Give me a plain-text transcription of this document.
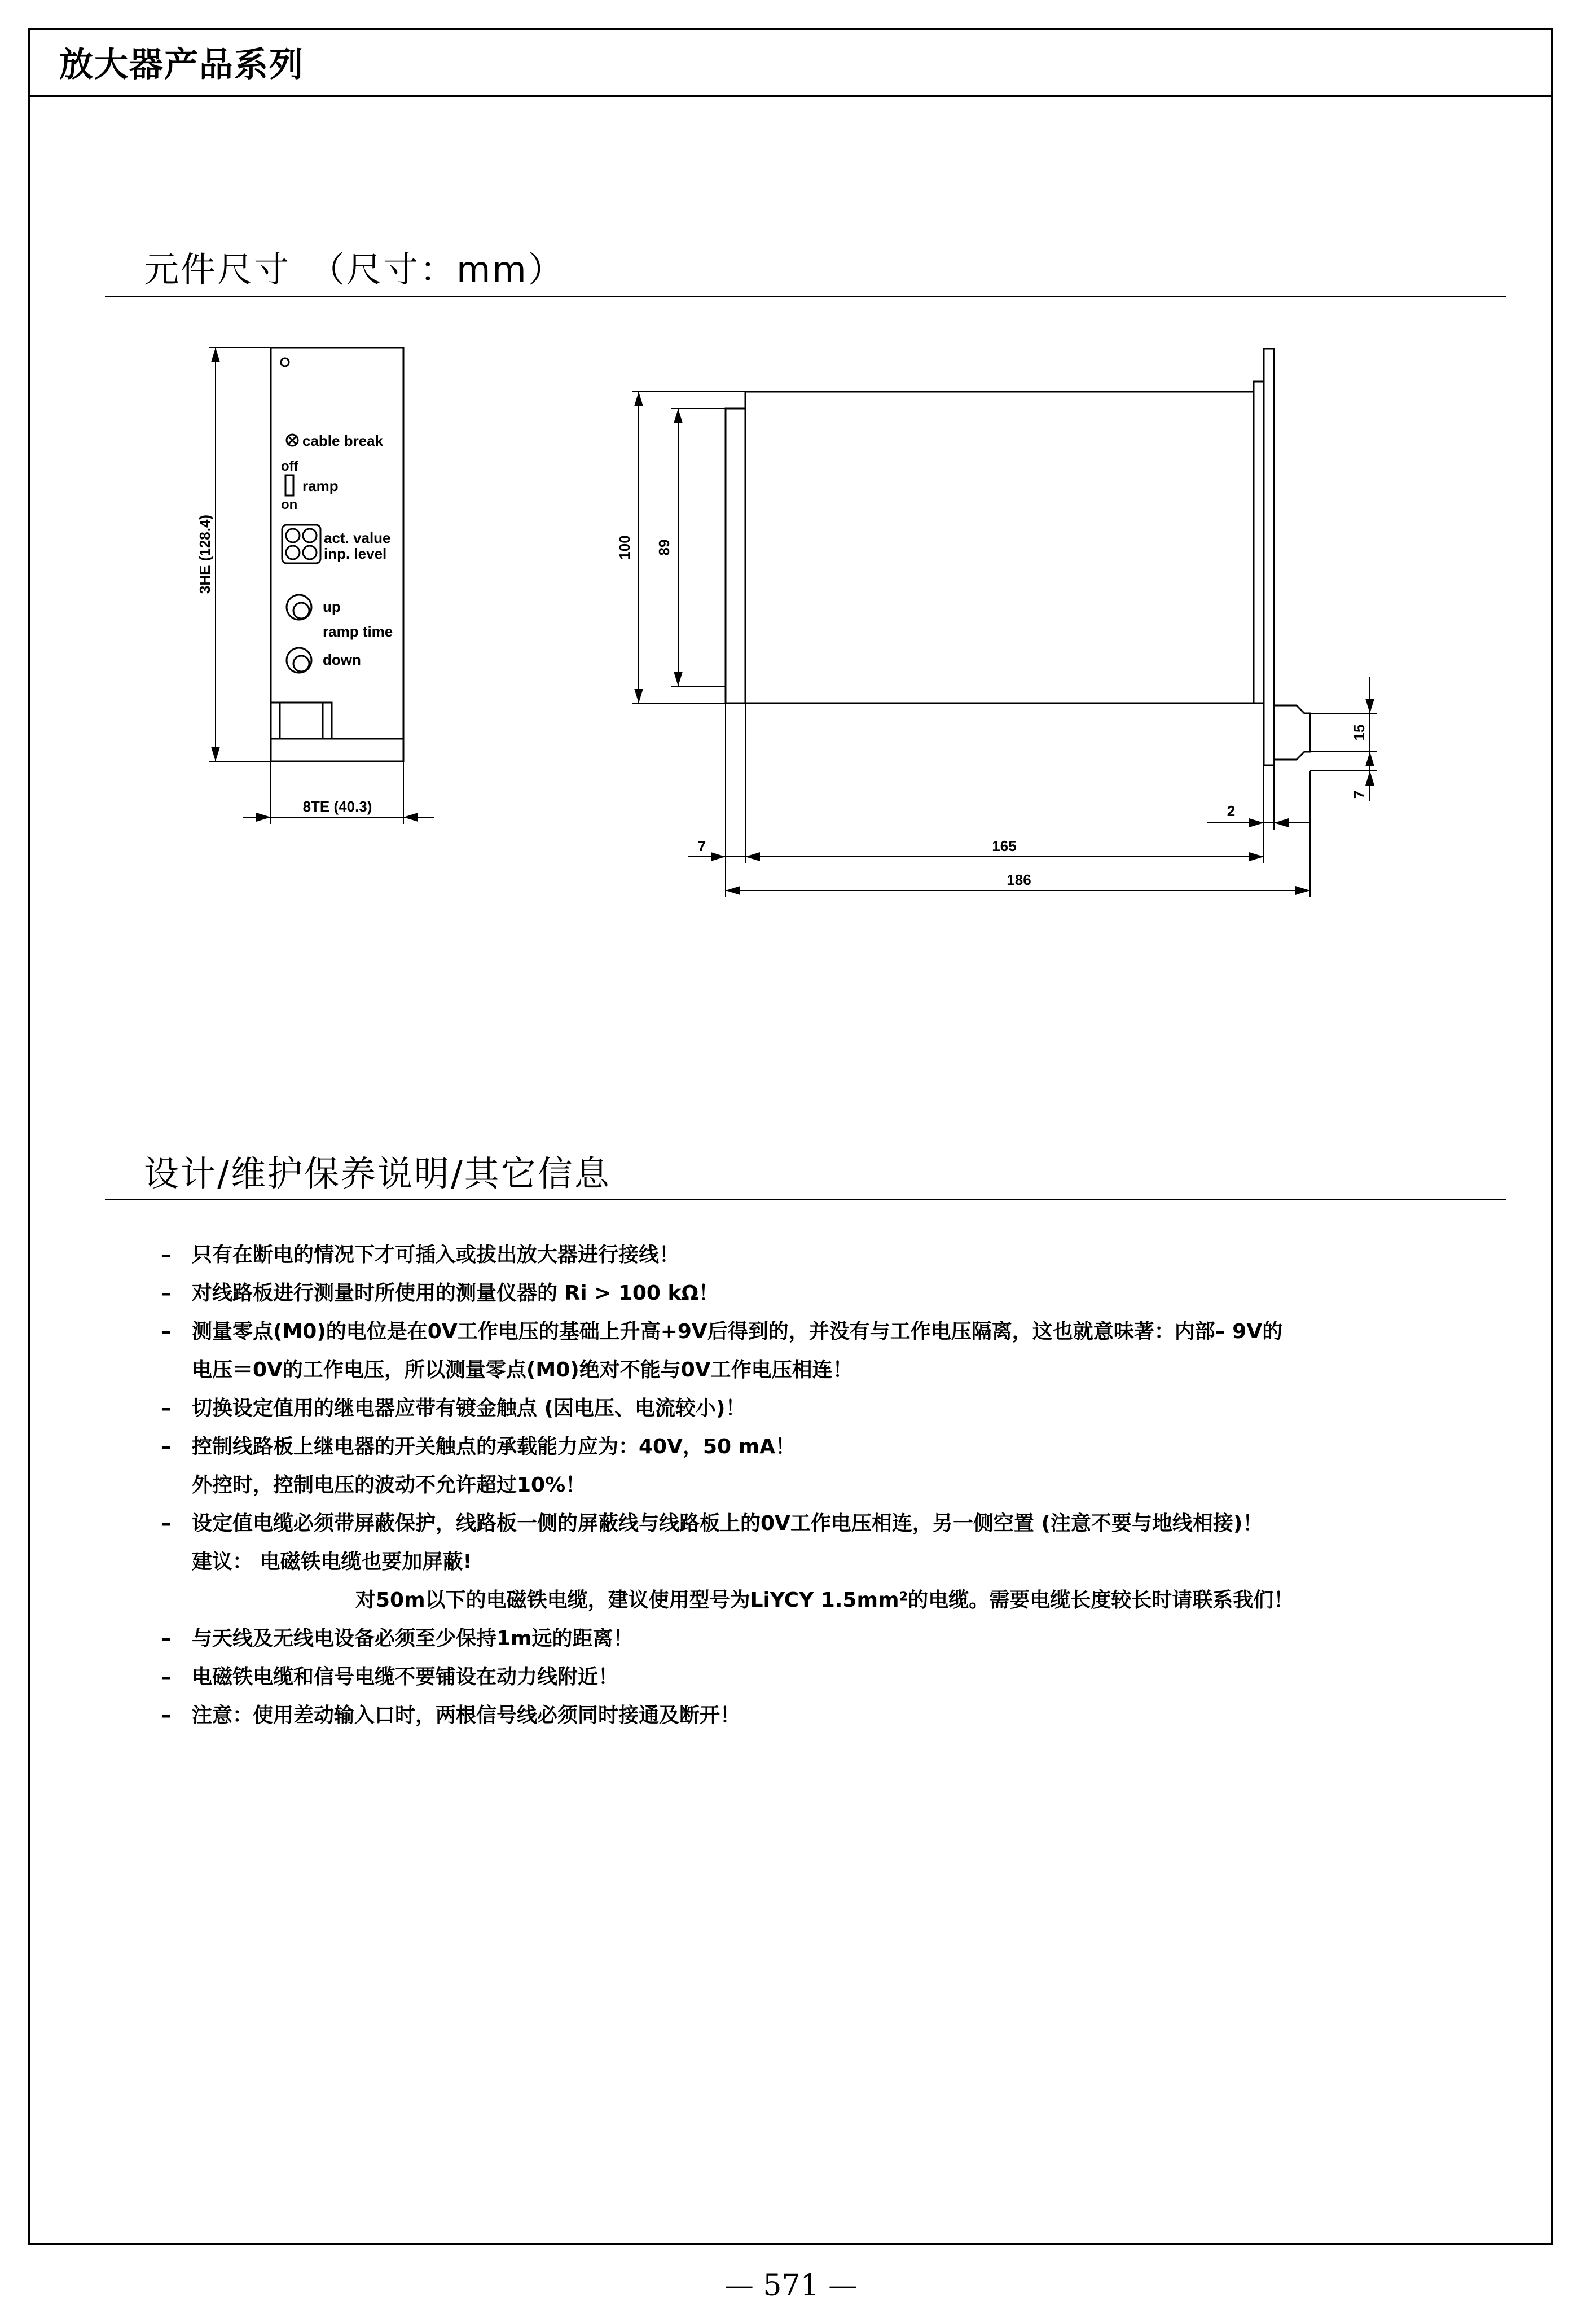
放大器产品系列
元件尺寸　（尺寸：mm）
cable break
off
ramp
on
act. value
inp. level
up
ramp time
down
3HE (128.4)
8TE (40.3)
100 89
15
7
2
7	165
186
设计/维护保养说明/其它信息
–	只有在断电的情况下才可插入或拔出放大器进行接线！
–	对线路板进行测量时所使用的测量仪器的 Ri > 100 kΩ！
–	测量零点(M0)的电位是在0V工作电压的基础上升高+9V后得到的，并没有与工作电压隔离，这也就意味著：内部– 9V的
电压＝0V的工作电压，所以测量零点(M0)绝对不能与0V工作电压相连！
–	切换设定值用的继电器应带有镀金触点 (因电压、电流较小)！
–	控制线路板上继电器的开关触点的承载能力应为：40V，50 mA！
外控时，控制电压的波动不允许超过10%！
–	设定值电缆必须带屏蔽保护，线路板一侧的屏蔽线与线路板上的0V工作电压相连，另一侧空置 (注意不要与地线相接)！
建议： 电磁铁电缆也要加屏蔽!
对50m以下的电磁铁电缆，建议使用型号为LiYCY 1.5mm²的电缆。需要电缆长度较长时请联系我们！
–	与天线及无线电设备必须至少保持1m远的距离！
–	电磁铁电缆和信号电缆不要铺设在动力线附近！
–	注意：使用差动输入口时，两根信号线必须同时接通及断开！
— 571 —
